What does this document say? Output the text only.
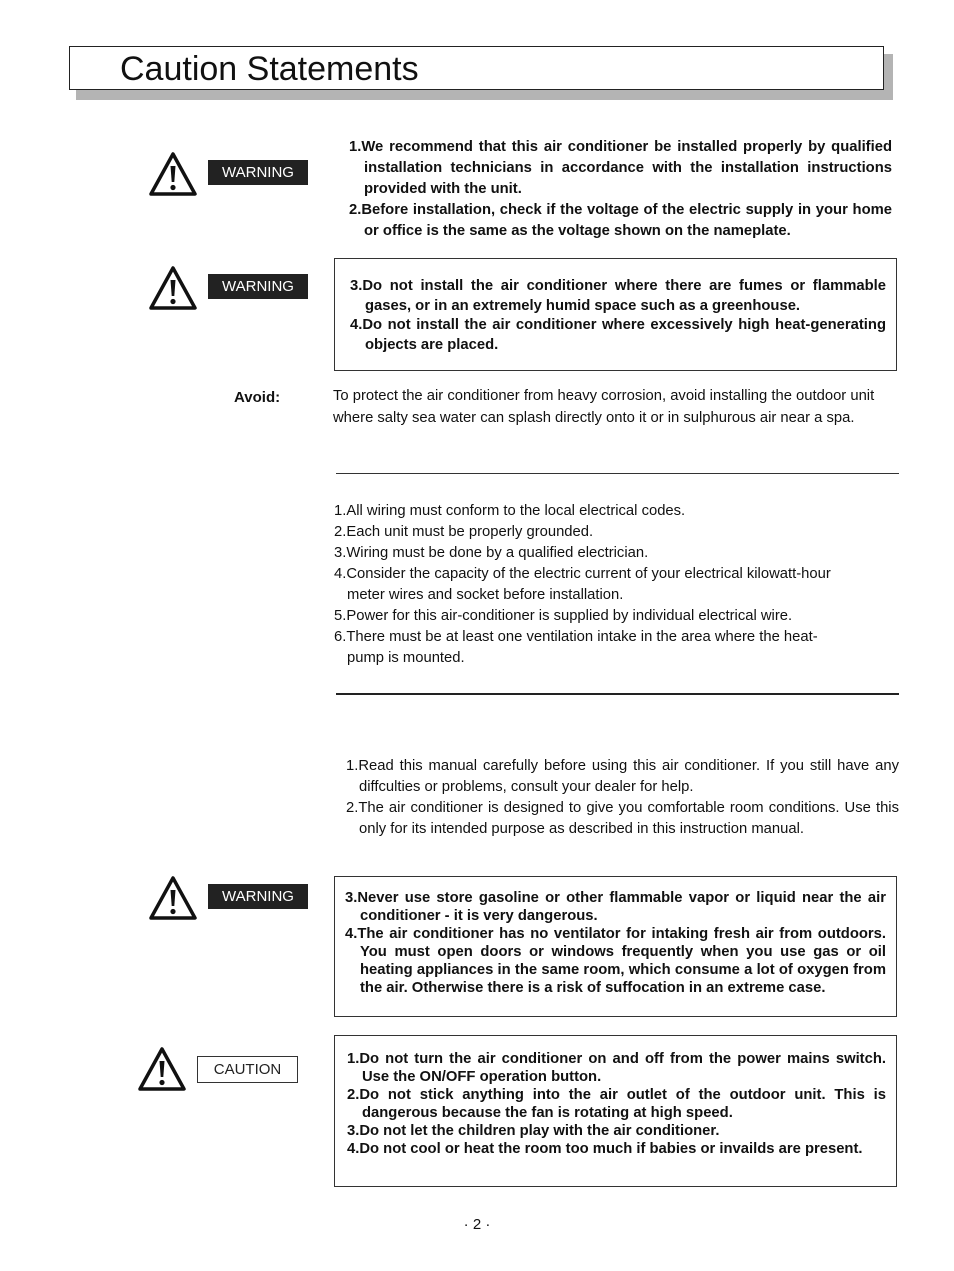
Caution Statements
WARNING
1.We recommend that this air conditioner be installed properly by qualified installation technicians in accordance with the installation instructions provided with the unit.
2.Before installation, check if the voltage of the electric supply in your home or office is the same as the voltage shown on the nameplate.
WARNING	3.Do not install the air conditioner where there are fumes or flammable gases, or in an extremely humid space such as a greenhouse.
4.Do not install the air conditioner where excessively high heat-generating objects are placed.
Avoid:	To protect the air conditioner from heavy corrosion, avoid installing the outdoor unit where salty sea water can splash directly onto it or in sulphurous air near a spa.
1.All wiring must conform to the local electrical codes.
2.Each unit must be properly grounded.
3.Wiring must be done by a qualified electrician.
4.Consider the capacity of the electric current of your electrical kilowatt-hour meter wires and socket before installation.
5.Power for this air-conditioner is supplied by individual electrical wire.
6.There must be at least one ventilation intake in the area where the heat-pump is mounted.
1.Read this manual carefully before using this air conditioner. If you still have any diffculties or problems, consult your dealer for help.
2.The air conditioner is designed to give you comfortable room conditions. Use this only for its intended purpose as described in this instruction manual.
WARNING	3.Never use store gasoline or other flammable vapor or liquid near the air conditioner - it is very dangerous.
4.The air conditioner has no ventilator for intaking fresh air from outdoors. You must open doors or windows frequently when you use gas or oil heating appliances in the same room, which consume a lot of oxygen from the air. Otherwise there is a risk of suffocation in an extreme case.
CAUTION
1.Do not turn the air conditioner on and off from the power mains switch. Use the ON/OFF operation button.
2.Do not stick anything into the air outlet of the outdoor unit. This is dangerous because the fan is rotating at high speed.
3.Do not let the children play with the air conditioner.
4.Do not cool or heat the room too much if babies or invailds are present.
· 2 ·
